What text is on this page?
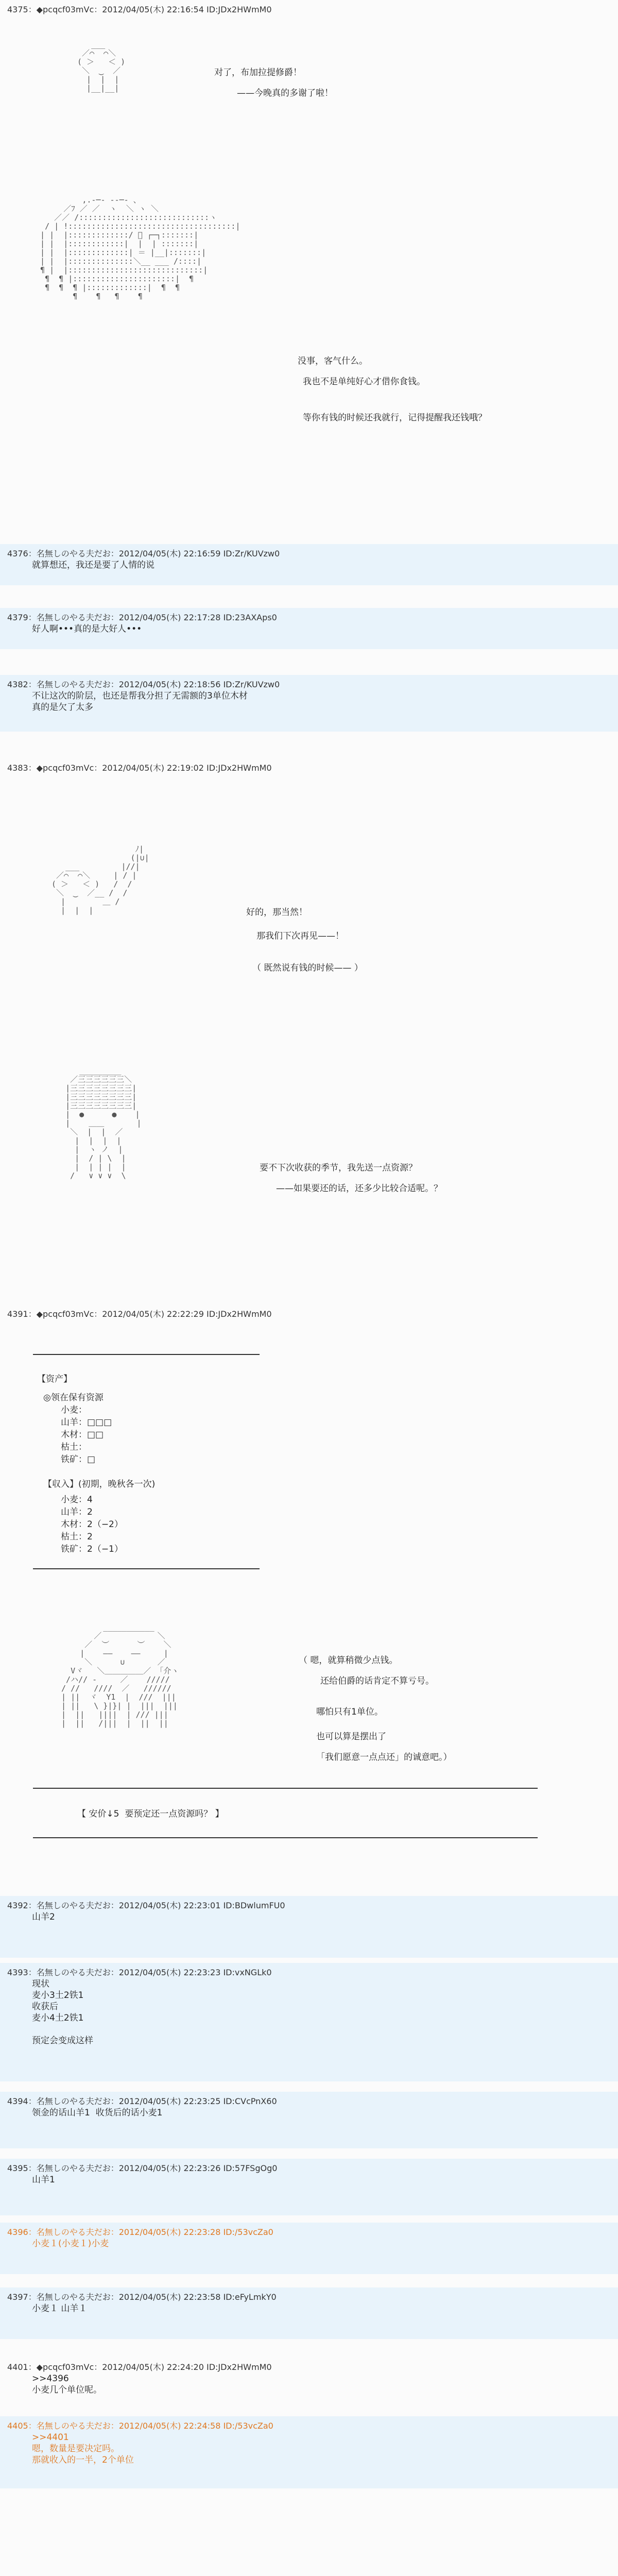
4375：◆pcqcf03mVc：2012/04/05(木) 22:16:54 ID:JDx2HWmM0
___
／⌒  ⌒＼
( ＞   ＜ )
＼  ‿  ／
|  |  |
|__|__|
对了，布加拉提修爵！
——今晚真的多谢了啦！
,.-─‐ ‐‐─- 、
／ﾌ ／ ／  ヽ  ＼ ヽ ＼
／／ /::::::::::::::::::::::::::::ヽ
/ | !::::::::::::::::::::::::::::::::::::|
| |  |:::::::::::::/ ﾞ ┌─┐:::::::|
| |  |::::::::::::|  |  | :::::::|
| |  |:::::::::::::| ＝ |__|:::::::|
| |  |::::::::::::::＼__ ___ /::::|
¶ |  |:::::::::::::::::::::::::::::|
¶  ¶ |::::::::::::::::::::::|  ¶
¶  ¶  ¶ |:::::::::::::|  ¶  ¶
¶    ¶   ¶    ¶
没事，客气什么。
我也不是单纯好心才借你食钱。
等你有钱的时候还我就行，记得提醒我还钱哦？
4376：名無しのやる夫だお：2012/04/05(木) 22:16:59 ID:Zr/KUVzw0
就算想还，我还是要了人情的说
4379：名無しのやる夫だお：2012/04/05(木) 22:17:28 ID:23AXAps0
好人啊•••真的是大好人•••
4382：名無しのやる夫だお：2012/04/05(木) 22:18:56 ID:Zr/KUVzw0
不让这次的阶层，也还是帮我分担了无需额的3单位木材
真的是欠了太多
4383：◆pcqcf03mVc：2012/04/05(木) 22:19:02 ID:JDx2HWmM0
ﾉ|
(|∪|
___         |//|
／⌒  ⌒＼     | / |
( ＞   ＜ )   /  /
＼  ‿  ／__ /  /
|        ＿ /
|  |  |	好的，那当然！
那我们下次再见——！
（ 既然说有钱的时候—— ）
_________
／三三三三三三＼
|三三三三三三三三|
|三三三三三三三三|
|三三三三三三三三|
|  ●      ●    |
|    ＿＿       |
＼  |  |  ／
|  |  |  |
|  ヽ ノ  |
|  / | \  |
|  | | |  |
/   ∨ ∨ ∨  \
要不下次收获的季节，我先送一点资源？
——如果要还的话，还多少比较合适呢。？
4391：◆pcqcf03mVc：2012/04/05(木) 22:22:29 ID:JDx2HWmM0
【资产】
◎领在保有资源
小麦：
山羊：□□□
木材：□□
枯土：
铁矿：□
【収入】(初期，晚秋各一次)
小麦：4
山羊：2
木材：2（−2）
枯土：2
铁矿：2（−1）
___________
／            ＼
／  ︶      ︶    ＼
|    ——    ——     |
＼      ∪       ／
Vヾ   ＼＿＿＿＿＿／ 「介ヽ
/ハ// ‐     ／    /////
/ //   ////  ／   //////
| ||  ヾ  Y1  |  ///  |||
| ||   \ }|}| |  |||  |||
|  ||   ||||  | /// |||
|  ||   /|||  |  ||  ||
（ 嗯，就算稍微少点钱。
还给伯爵的话肯定不算亏号。
哪怕只有1单位。
也可以算是摆出了
「我们愿意一点点还」的诚意吧。）
【 安价↓5  要预定还一点资源吗？ 】
4392：名無しのやる夫だお：2012/04/05(木) 22:23:01 ID:BDwlumFU0
山羊2
4393：名無しのやる夫だお：2012/04/05(木) 22:23:23 ID:vxNGLk0
现状
麦小3土2铁1
收获后
麦小4土2铁1

预定会变成这样
4394：名無しのやる夫だお：2012/04/05(木) 22:23:25 ID:CVcPnX60
领金的话山羊1  收货后的话小麦1
4395：名無しのやる夫だお：2012/04/05(木) 22:23:26 ID:57FSgOg0
山羊1
4396：名無しのやる夫だお：2012/04/05(木) 22:23:28 ID:/53vcZa0
小麦１(小麦１)小麦
4397：名無しのやる夫だお：2012/04/05(木) 22:23:58 ID:eFyLmkY0
小麦１ 山羊１
4401：◆pcqcf03mVc：2012/04/05(木) 22:24:20 ID:JDx2HWmM0
>>4396
小麦几个单位呢。
4405：名無しのやる夫だお：2012/04/05(木) 22:24:58 ID:/53vcZa0
>>4401
嗯，数量是要决定吗。
那就收入的一半，2个单位
